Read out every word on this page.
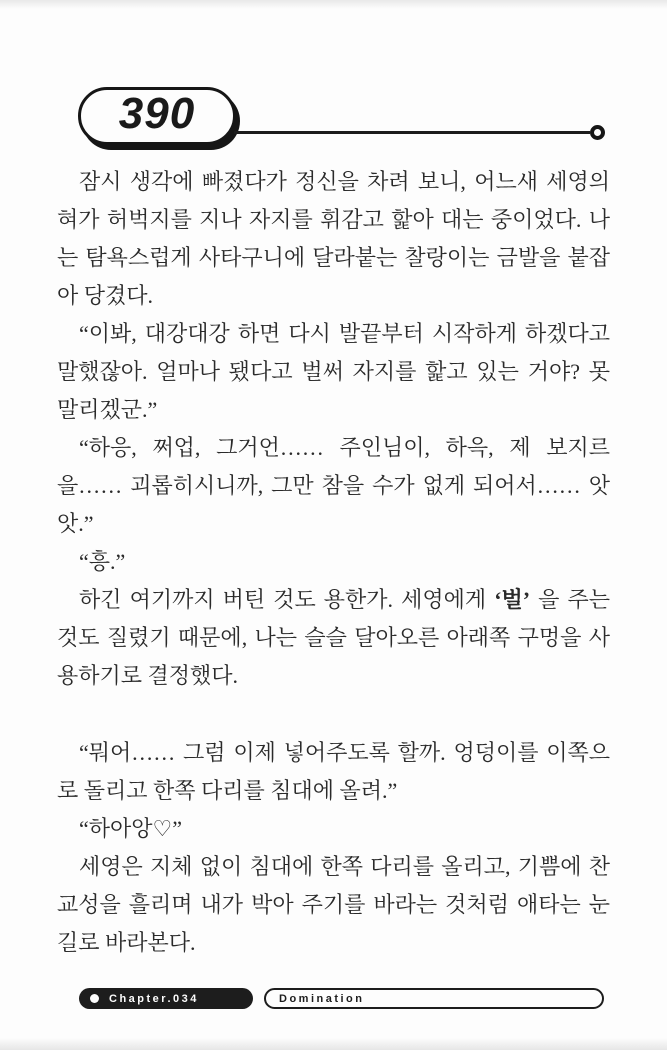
390

잠시 생각에 빠졌다가 정신을 차려 보니, 어느새 세영의 혀가 허벅지를 지나 자지를 휘감고 핥아 대는 중이었다. 나는 탐욕스럽게 사타구니에 달라붙는 찰랑이는 금발을 붙잡아 당겼다.

“이봐, 대강대강 하면 다시 발끝부터 시작하게 하겠다고 말했잖아. 얼마나 됐다고 벌써 자지를 핥고 있는 거야? 못 말리겠군.”

“하응, 쩌업, 그거언…… 주인님이, 하윽, 제 보지르을…… 괴롭히시니까, 그만 참을 수가 없게 되어서…… 앗앗.”

“흥.”

하긴 여기까지 버틴 것도 용한가. 세영에게 ‘벌’ 을 주는 것도 질렸기 때문에, 나는 슬슬 달아오른 아래쪽 구멍을 사용하기로 결정했다.

“뭐어…… 그럼 이제 넣어주도록 할까. 엉덩이를 이쪽으로 돌리고 한쪽 다리를 침대에 올려.”

“하아앙♡”

세영은 지체 없이 침대에 한쪽 다리를 올리고, 기쁨에 찬 교성을 흘리며 내가 박아 주기를 바라는 것처럼 애타는 눈길로 바라본다.

Chapter.034	Domination
